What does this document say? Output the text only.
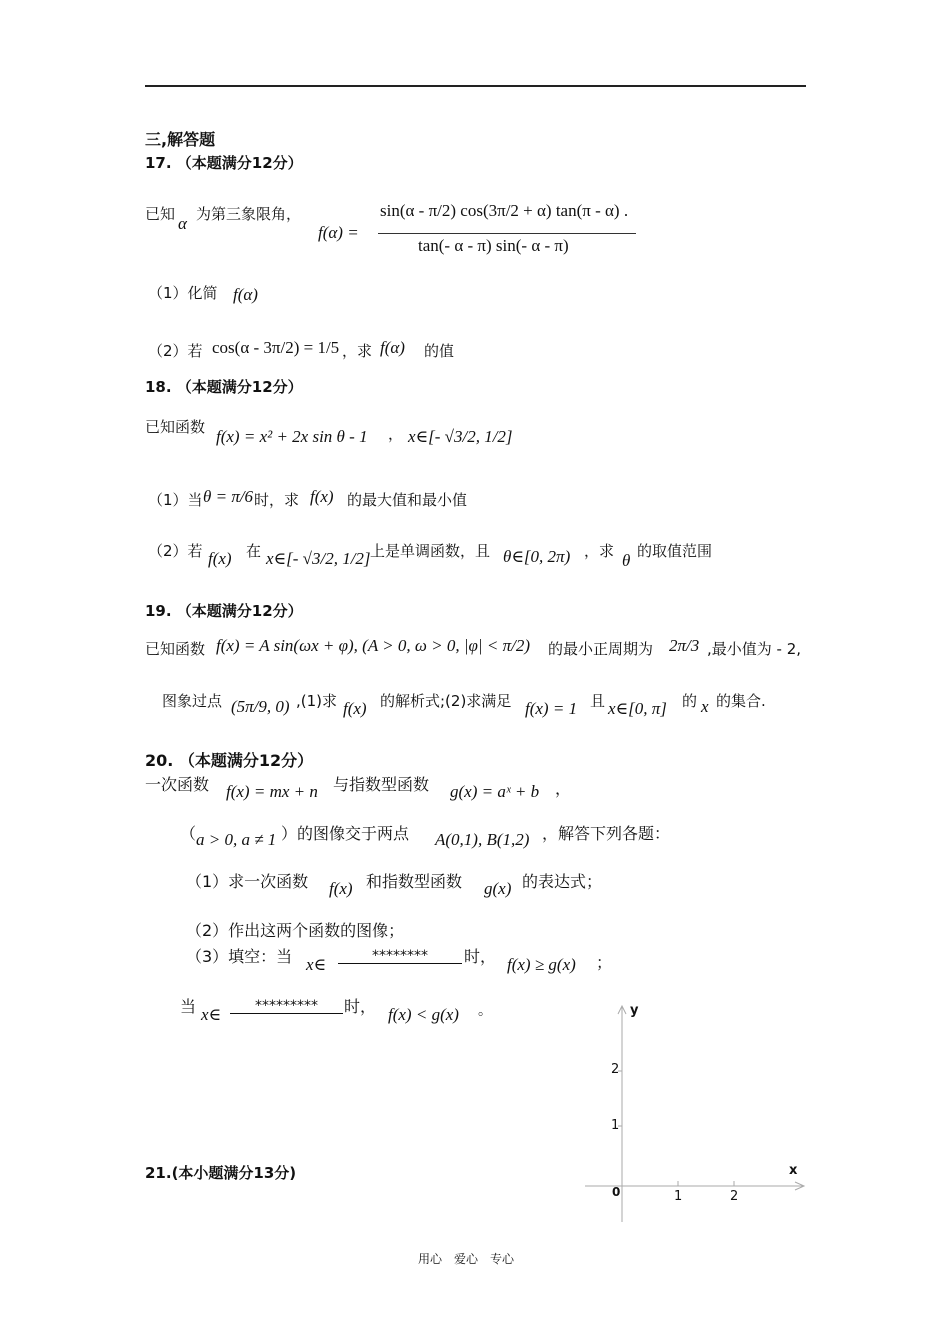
三,解答题
17. （本题满分12分）
已知 α 为第三象限角，
f(α) =
sin(α - π/2) cos(3π/2 + α) tan(π - α) .
tan(- α - π) sin(- α - π)
（1）化简 f(α)
（2）若 cos(α - 3π/2) = 1/5 ，求 f(α) 的值
18. （本题满分12分）
已知函数 f(x) = x² + 2x sin θ - 1 ， x∈[- √3/2, 1/2]
（1）当 θ = π/6 时，求 f(x) 的最大值和最小值
（2）若 f(x) 在 x∈[- √3/2, 1/2] 上是单调函数，且 θ∈[0, 2π) ，求 θ 的取值范围
19. （本题满分12分）
已知函数 f(x) = A sin(ωx + φ), (A > 0, ω > 0, |φ| < π/2) 的最小正周期为 2π/3 ,最小值为 - 2,
图象过点 (5π/9, 0) ,(1)求 f(x) 的解析式;(2)求满足 f(x) = 1 且 x∈[0, π] 的 x 的集合.
20. （本题满分12分）
一次函数 f(x) = mx + n 与指数型函数 g(x) = aˣ + b ，
（ a > 0, a ≠ 1 ）的图像交于两点 A(0,1), B(1,2) ，解答下列各题：
（1）求一次函数 f(x) 和指数型函数 g(x) 的表达式；
（2）作出这两个函数的图像；
（3）填空：当 x∈	********	时， f(x) ≥ g(x) ；
当 x∈	*********	时， f(x) < g(x) 。	y
x
0	1	2
2
1
21.(本小题满分13分)
用心　爱心　专心
